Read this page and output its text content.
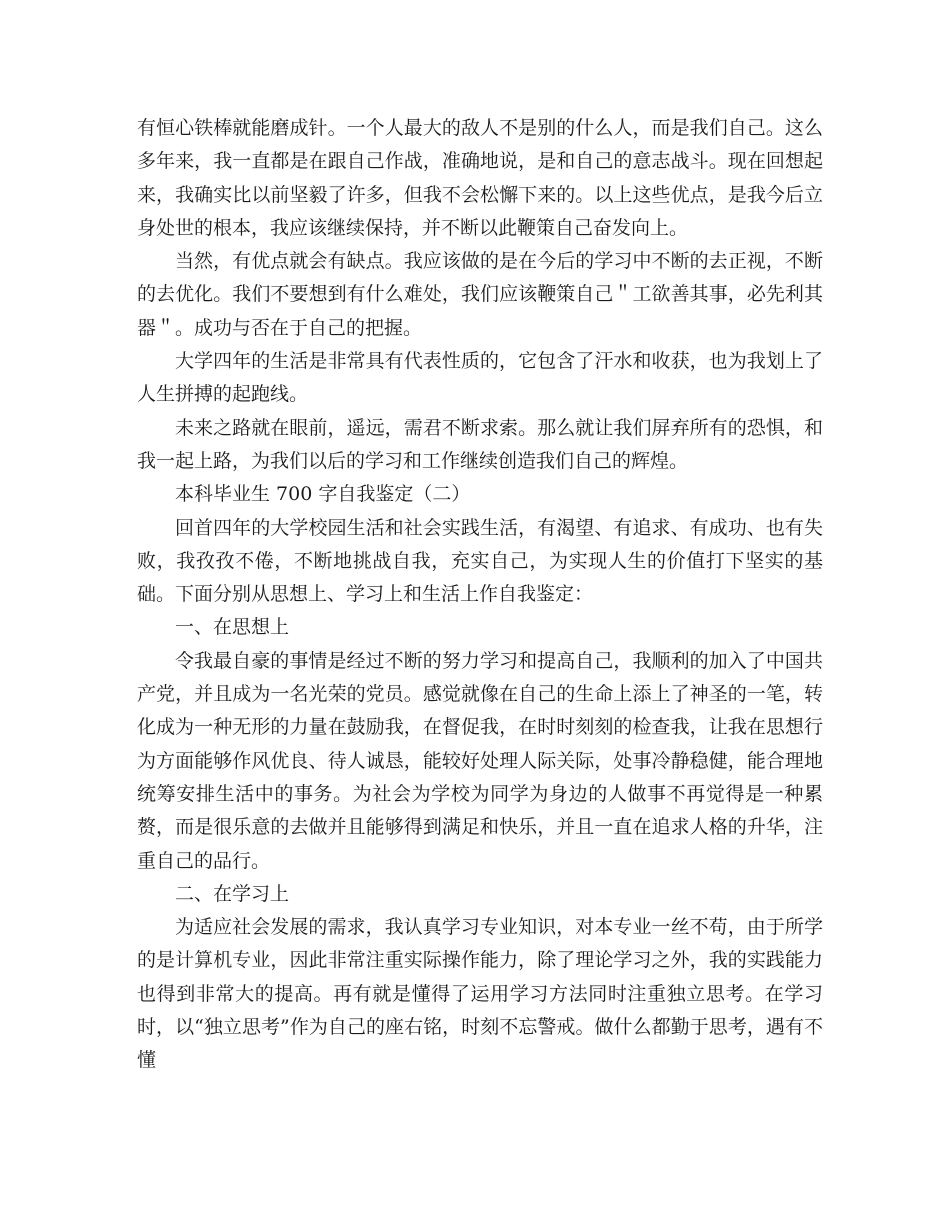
有恒心铁棒就能磨成针。一个人最大的敌人不是别的什么人，而是我们自己。这么多年来，我一直都是在跟自己作战，准确地说，是和自己的意志战斗。现在回想起来，我确实比以前坚毅了许多，但我不会松懈下来的。以上这些优点，是我今后立身处世的根本，我应该继续保持，并不断以此鞭策自己奋发向上。

当然，有优点就会有缺点。我应该做的是在今后的学习中不断的去正视，不断的去优化。我们不要想到有什么难处，我们应该鞭策自己＂工欲善其事，必先利其器＂。成功与否在于自己的把握。

大学四年的生活是非常具有代表性质的，它包含了汗水和收获，也为我划上了人生拼搏的起跑线。

未来之路就在眼前，遥远，需君不断求索。那么就让我们屏弃所有的恐惧，和我一起上路，为我们以后的学习和工作继续创造我们自己的辉煌。

本科毕业生 700 字自我鉴定（二）

回首四年的大学校园生活和社会实践生活，有渴望、有追求、有成功、也有失败，我孜孜不倦，不断地挑战自我，充实自己，为实现人生的价值打下坚实的基础。下面分别从思想上、学习上和生活上作自我鉴定：

一、在思想上

令我最自豪的事情是经过不断的努力学习和提高自己，我顺利的加入了中国共产党，并且成为一名光荣的党员。感觉就像在自己的生命上添上了神圣的一笔，转化成为一种无形的力量在鼓励我，在督促我，在时时刻刻的检查我，让我在思想行为方面能够作风优良、待人诚恳，能较好处理人际关际，处事冷静稳健，能合理地统筹安排生活中的事务。为社会为学校为同学为身边的人做事不再觉得是一种累赘，而是很乐意的去做并且能够得到满足和快乐，并且一直在追求人格的升华，注重自己的品行。

二、在学习上

为适应社会发展的需求，我认真学习专业知识，对本专业一丝不苟，由于所学的是计算机专业，因此非常注重实际操作能力，除了理论学习之外，我的实践能力也得到非常大的提高。再有就是懂得了运用学习方法同时注重独立思考。在学习时，以“独立思考”作为自己的座右铭，时刻不忘警戒。做什么都勤于思考，遇有不懂
